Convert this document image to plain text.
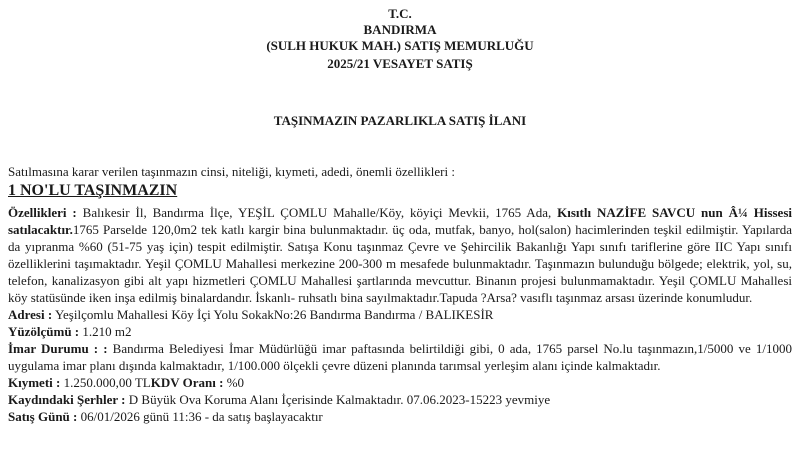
T.C.
BANDIRMA
(SULH HUKUK MAH.) SATIŞ MEMURLUĞU
2025/21 VESAYET SATIŞ
TAŞINMAZIN PAZARLIKLA SATIŞ İLANI
Satılmasına karar verilen taşınmazın cinsi, niteliği, kıymeti, adedi, önemli özellikleri :
1 NO'LU TAŞINMAZIN

Özellikleri : Balıkesir İl, Bandırma İlçe, YEŞİL ÇOMLU Mahalle/Köy, köyiçi Mevkii, 1765 Ada, Kısıtlı NAZİFE SAVCU nun Â¼ Hissesi satılacaktır.1765 Parselde 120,0m2 tek katlı kargir bina bulunmaktadır. üç oda, mutfak, banyo, hol(salon) hacimlerinden teşkil edilmiştir. Yapılarda da yıpranma %60 (51-75 yaş için) tespit edilmiştir. Satışa Konu taşınmaz Çevre ve Şehircilik Bakanlığı Yapı sınıfı tariflerine göre IIC Yapı sınıfı özelliklerini taşımaktadır. Yeşil ÇOMLU Mahallesi merkezine 200-300 m mesafede bulunmaktadır. Taşınmazın bulunduğu bölgede; elektrik, yol, su, telefon, kanalizasyon gibi alt yapı hizmetleri ÇOMLU Mahallesi şartlarında mevcuttur. Binanın projesi bulunmamaktadır. Yeşil ÇOMLU Mahallesi köy statüsünde iken inşa edilmiş binalardandır. İskanlı- ruhsatlı bina sayılmaktadır.Tapuda ?Arsa? vasıflı taşınmaz arsası üzerinde konumludur.

Adresi : Yeşilçomlu Mahallesi Köy İçi Yolu SokakNo:26 Bandırma Bandırma / BALIKESİR

Yüzölçümü : 1.210 m2

İmar Durumu : : Bandırma Belediyesi İmar Müdürlüğü imar paftasında belirtildiği gibi, 0 ada, 1765 parsel No.lu taşınmazın,1/5000 ve 1/1000 uygulama imar planı dışında kalmaktadır, 1/100.000 ölçekli çevre düzeni planında tarımsal yerleşim alanı içinde kalmaktadır.

Kıymeti : 1.250.000,00 TLKDV Oranı : %0

Kaydındaki Şerhler : D Büyük Ova Koruma Alanı İçerisinde Kalmaktadır. 07.06.2023-15223 yevmiye

Satış Günü : 06/01/2026 günü 11:36 - da satış başlayacaktır
